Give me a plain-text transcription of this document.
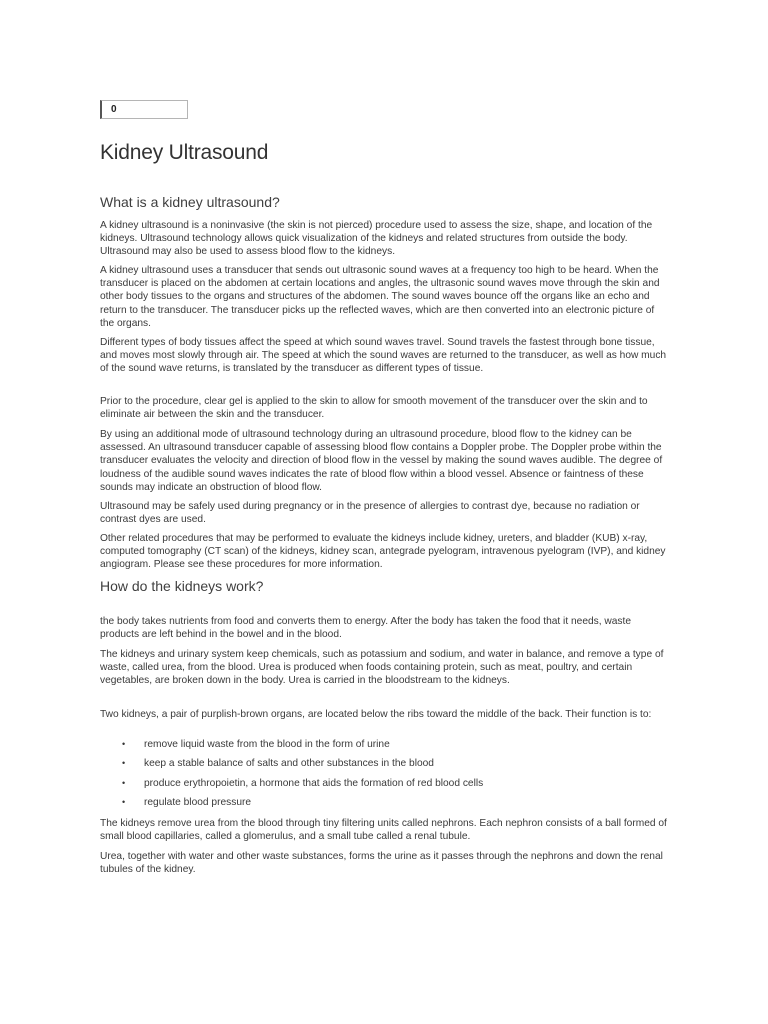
0
Kidney Ultrasound
What is a kidney ultrasound?

A kidney ultrasound is a noninvasive (the skin is not pierced) procedure used to assess the size, shape, and location of the kidneys. Ultrasound technology allows quick visualization of the kidneys and related structures from outside the body. Ultrasound may also be used to assess blood flow to the kidneys.

A kidney ultrasound uses a transducer that sends out ultrasonic sound waves at a frequency too high to be heard. When the transducer is placed on the abdomen at certain locations and angles, the ultrasonic sound waves move through the skin and other body tissues to the organs and structures of the abdomen. The sound waves bounce off the organs like an echo and return to the transducer. The transducer picks up the reflected waves, which are then converted into an electronic picture of the organs.

Different types of body tissues affect the speed at which sound waves travel. Sound travels the fastest through bone tissue, and moves most slowly through air. The speed at which the sound waves are returned to the transducer, as well as how much of the sound wave returns, is translated by the transducer as different types of tissue.

Prior to the procedure, clear gel is applied to the skin to allow for smooth movement of the transducer over the skin and to eliminate air between the skin and the transducer.

By using an additional mode of ultrasound technology during an ultrasound procedure, blood flow to the kidney can be assessed. An ultrasound transducer capable of assessing blood flow contains a Doppler probe. The Doppler probe within the transducer evaluates the velocity and direction of blood flow in the vessel by making the sound waves audible. The degree of loudness of the audible sound waves indicates the rate of blood flow within a blood vessel. Absence or faintness of these sounds may indicate an obstruction of blood flow.

Ultrasound may be safely used during pregnancy or in the presence of allergies to contrast dye, because no radiation or contrast dyes are used.

Other related procedures that may be performed to evaluate the kidneys include kidney, ureters, and bladder (KUB) x-ray, computed tomography (CT scan) of the kidneys, kidney scan, antegrade pyelogram, intravenous pyelogram (IVP), and kidney angiogram. Please see these procedures for more information.

How do the kidneys work?

the body takes nutrients from food and converts them to energy. After the body has taken the food that it needs, waste products are left behind in the bowel and in the blood.

The kidneys and urinary system keep chemicals, such as potassium and sodium, and water in balance, and remove a type of waste, called urea, from the blood. Urea is produced when foods containing protein, such as meat, poultry, and certain vegetables, are broken down in the body. Urea is carried in the bloodstream to the kidneys.

Two kidneys, a pair of purplish-brown organs, are located below the ribs toward the middle of the back. Their function is to:

• remove liquid waste from the blood in the form of urine
• keep a stable balance of salts and other substances in the blood
• produce erythropoietin, a hormone that aids the formation of red blood cells
• regulate blood pressure

The kidneys remove urea from the blood through tiny filtering units called nephrons. Each nephron consists of a ball formed of small blood capillaries, called a glomerulus, and a small tube called a renal tubule.

Urea, together with water and other waste substances, forms the urine as it passes through the nephrons and down the renal tubules of the kidney.
